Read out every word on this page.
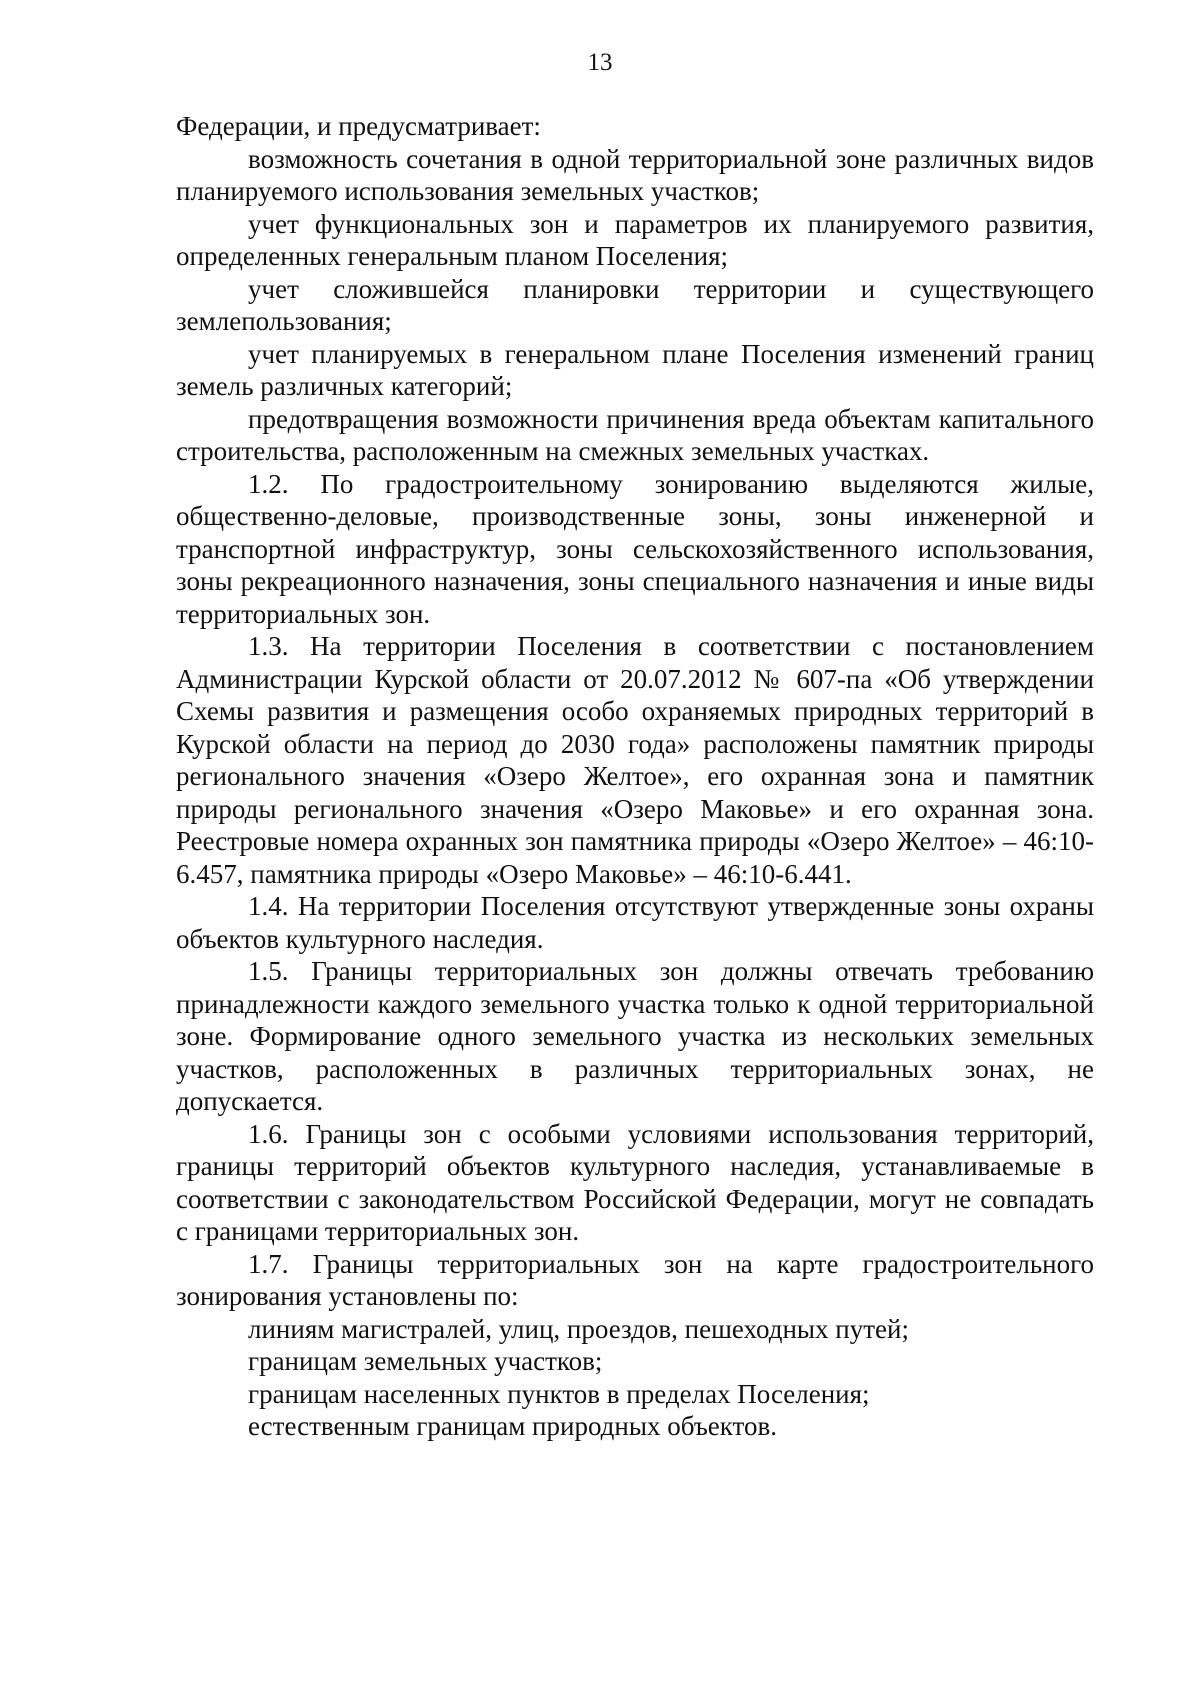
13

Федерации, и предусматривает:

возможность сочетания в одной территориальной зоне различных видов планируемого использования земельных участков;

учет функциональных зон и параметров их планируемого развития, определенных генеральным планом Поселения;

учет сложившейся планировки территории и существующего землепользования;

учет планируемых в генеральном плане Поселения изменений границ земель различных категорий;

предотвращения возможности причинения вреда объектам капитального строительства, расположенным на смежных земельных участках.

1.2. По градостроительному зонированию выделяются жилые, общественно-деловые, производственные зоны, зоны инженерной и транспортной инфраструктур, зоны сельскохозяйственного использования, зоны рекреационного назначения, зоны специального назначения и иные виды территориальных зон.

1.3. На территории Поселения в соответствии с постановлением Администрации Курской области от 20.07.2012 № 607-па «Об утверждении Схемы развития и размещения особо охраняемых природных территорий в Курской области на период до 2030 года» расположены памятник природы регионального значения «Озеро Желтое», его охранная зона и памятник природы регионального значения «Озеро Маковье» и его охранная зона. Реестровые номера охранных зон памятника природы «Озеро Желтое» – 46:10-6.457, памятника природы «Озеро Маковье» – 46:10-6.441.

1.4. На территории Поселения отсутствуют утвержденные зоны охраны объектов культурного наследия.

1.5. Границы территориальных зон должны отвечать требованию принадлежности каждого земельного участка только к одной территориальной зоне. Формирование одного земельного участка из нескольких земельных участков, расположенных в различных территориальных зонах, не допускается.

1.6. Границы зон с особыми условиями использования территорий, границы территорий объектов культурного наследия, устанавливаемые в соответствии с законодательством Российской Федерации, могут не совпадать с границами территориальных зон.

1.7. Границы территориальных зон на карте градостроительного зонирования установлены по:

линиям магистралей, улиц, проездов, пешеходных путей;

границам земельных участков;

границам населенных пунктов в пределах Поселения;

естественным границам природных объектов.
